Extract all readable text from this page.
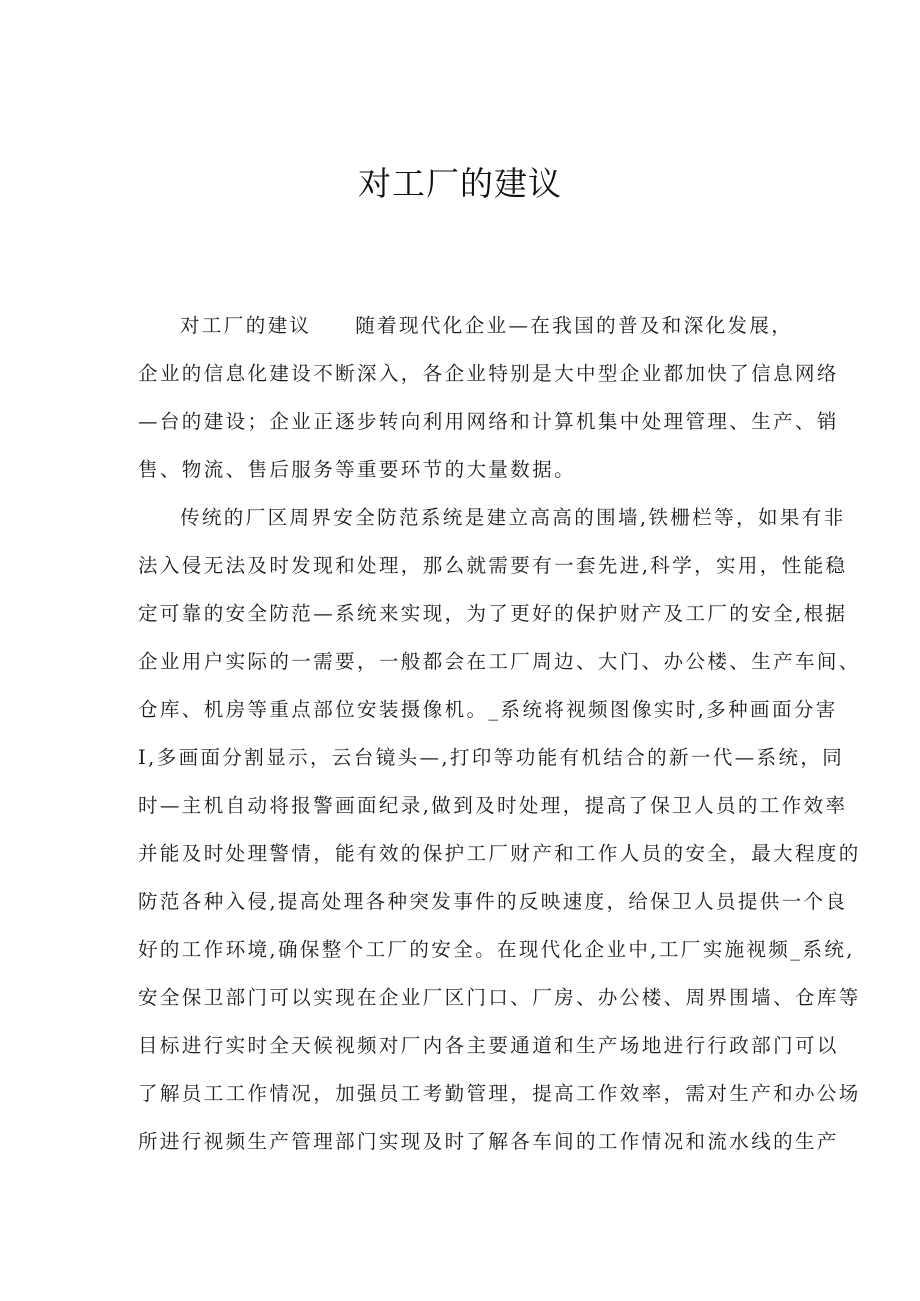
对工厂的建议
对工厂的建议　　随着现代化企业—在我国的普及和深化发展，
企业的信息化建设不断深入，各企业特别是大中型企业都加快了信息网络
—台的建设；企业正逐步转向利用网络和计算机集中处理管理、生产、销
售、物流、售后服务等重要环节的大量数据。
传统的厂区周界安全防范系统是建立高高的围墙,铁栅栏等，如果有非
法入侵无法及时发现和处理，那么就需要有一套先进,科学，实用，性能稳
定可靠的安全防范—系统来实现，为了更好的保护财产及工厂的安全,根据
企业用户实际的一需要，一般都会在工厂周边、大门、办公楼、生产车间、
仓库、机房等重点部位安装摄像机。_系统将视频图像实时,多种画面分害
I,多画面分割显示，云台镜头—,打印等功能有机结合的新一代—系统，同
时—主机自动将报警画面纪录,做到及时处理，提高了保卫人员的工作效率
并能及时处理警情，能有效的保护工厂财产和工作人员的安全，最大程度的
防范各种入侵,提高处理各种突发事件的反映速度，给保卫人员提供一个良
好的工作环境,确保整个工厂的安全。在现代化企业中,工厂实施视频_系统,
安全保卫部门可以实现在企业厂区门口、厂房、办公楼、周界围墙、仓库等
目标进行实时全天候视频对厂内各主要通道和生产场地进行行政部门可以
了解员工工作情况，加强员工考勤管理，提高工作效率，需对生产和办公场
所进行视频生产管理部门实现及时了解各车间的工作情况和流水线的生产
